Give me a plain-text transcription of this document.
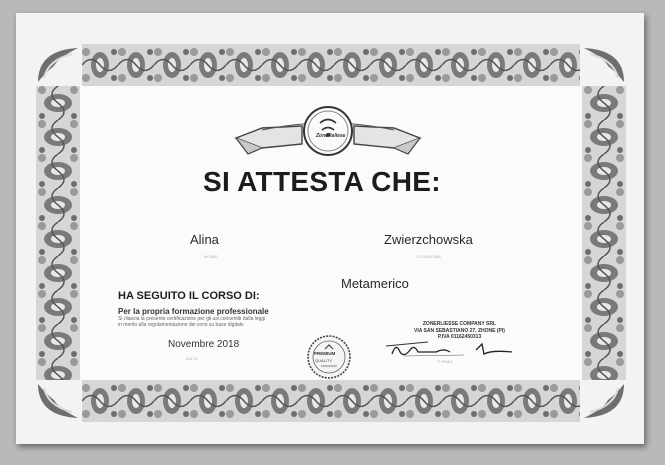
ZoneRaliese
SI ATTESTA CHE:
Alina
NOME
Zwierzchowska
COGNOME
Metamerico
HA SEGUITO IL CORSO DI:
Per la propria formazione professionale
Si rilascia la presente certificazione per gli usi consentiti dalla leggi
in merito alla regolamentazione dei corsi su base digitale
Novembre 2018
DATA
PREMIUM
QUALITY
ZONERLIESSE COMPANY SRL
VIA SAN SEBASTIANO 27, ZHONE (PI)
P.IVA 01162450313
FIRMA
